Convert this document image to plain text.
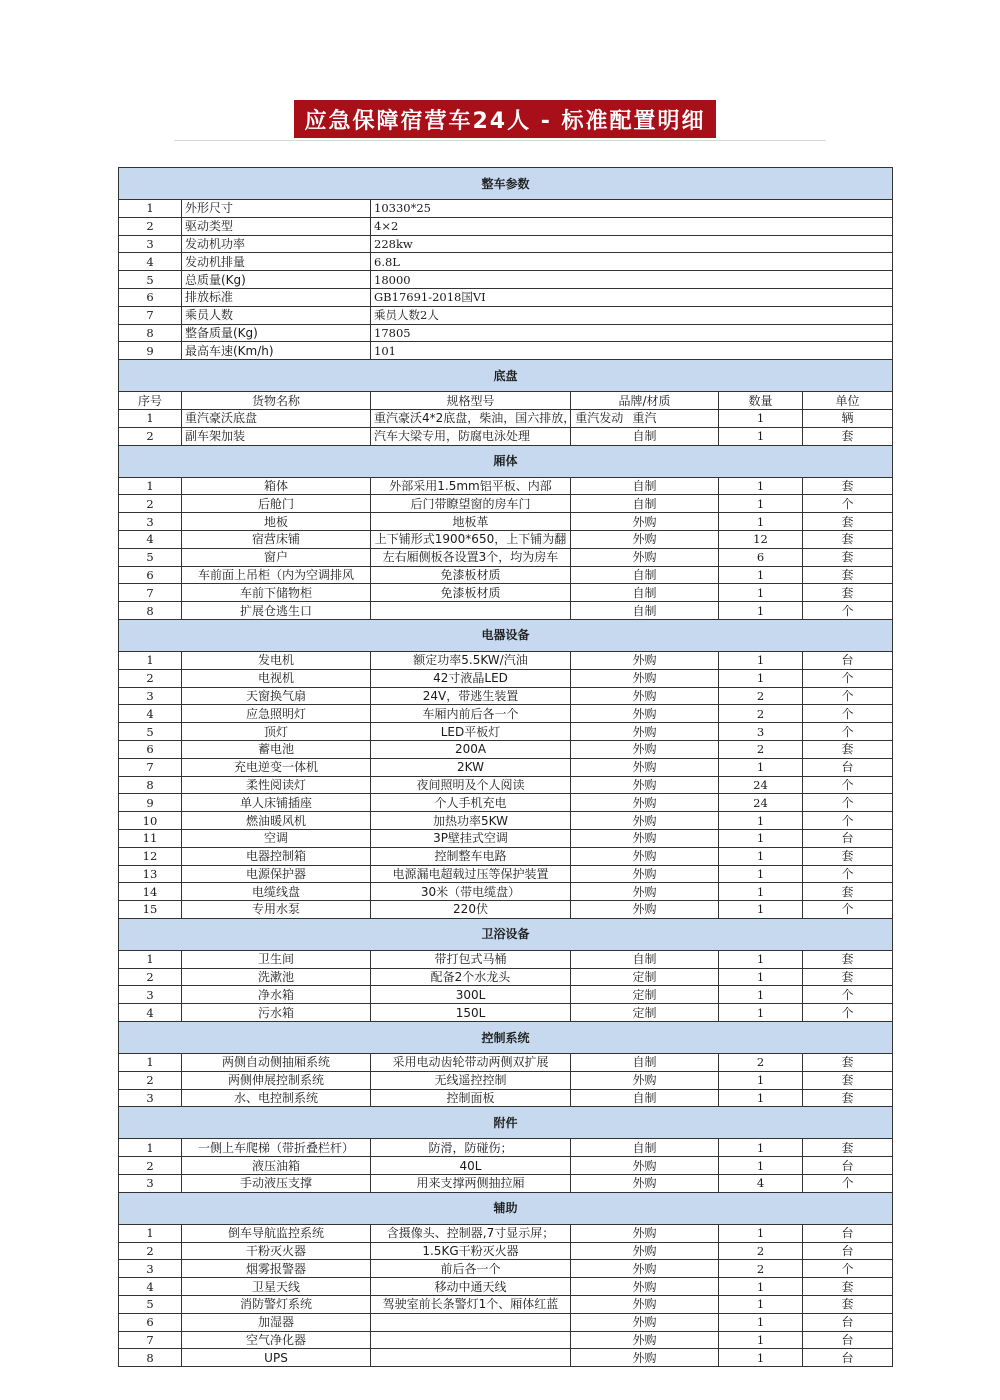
应急保障宿营车24人 - 标准配置明细
整车参数					
1	外形尺寸	10330*25			
2	驱动类型	4×2			
3	发动机功率	228kw			
4	发动机排量	6.8L			
5	总质量(Kg)	18000			
6	排放标准	GB17691-2018国VI			
7	乘员人数	乘员人数2人			
8	整备质量(Kg)	17805			
9	最高车速(Km/h)	101			
底盘					
序号	货物名称	规格型号	品牌/材质	数量	单位
1	重汽豪沃底盘	重汽豪沃4*2底盘，柴油，国六排放，重汽发动	重汽	1	辆
2	副车架加装	汽车大梁专用，防腐电泳处理	自制	1	套
厢体					
1	箱体	外部采用1.5mm铝平板、内部	自制	1	套
2	后舱门	后门带瞭望窗的房车门	自制	1	个
3	地板	地板革	外购	1	套
4	宿营床铺	上下铺形式1900*650，上下铺为翻	外购	12	套
5	窗户	左右厢侧板各设置3个，均为房车	外购	6	套
6	车前面上吊柜（内为空调排风	免漆板材质	自制	1	套
7	车前下储物柜	免漆板材质	自制	1	套
8	扩展仓逃生口		自制	1	个
电器设备					
1	发电机	额定功率5.5KW/汽油	外购	1	台
2	电视机	42寸液晶LED	外购	1	个
3	天窗换气扇	24V，带逃生装置	外购	2	个
4	应急照明灯	车厢内前后各一个	外购	2	个
5	顶灯	LED平板灯	外购	3	个
6	蓄电池	200A	外购	2	套
7	充电逆变一体机	2KW	外购	1	台
8	柔性阅读灯	夜间照明及个人阅读	外购	24	个
9	单人床铺插座	个人手机充电	外购	24	个
10	燃油暖风机	加热功率5KW	外购	1	个
11	空调	3P壁挂式空调	外购	1	台
12	电器控制箱	控制整车电路	外购	1	套
13	电源保护器	电源漏电超载过压等保护装置	外购	1	个
14	电缆线盘	30米（带电缆盘）	外购	1	套
15	专用水泵	220伏	外购	1	个
卫浴设备					
1	卫生间	带打包式马桶	自制	1	套
2	洗漱池	配备2个水龙头	定制	1	套
3	净水箱	300L	定制	1	个
4	污水箱	150L	定制	1	个
控制系统					
1	两侧自动侧抽厢系统	采用电动齿轮带动两侧双扩展	自制	2	套
2	两侧伸展控制系统	无线遥控控制	外购	1	套
3	水、电控制系统	控制面板	自制	1	套
附件					
1	一侧上车爬梯（带折叠栏杆）	防滑，防碰伤；	自制	1	套
2	液压油箱	40L	外购	1	台
3	手动液压支撑	用来支撑两侧抽拉厢	外购	4	个
辅助					
1	倒车导航监控系统	含摄像头、控制器,7寸显示屏；	外购	1	台
2	干粉灭火器	1.5KG干粉灭火器	外购	2	台
3	烟雾报警器	前后各一个	外购	2	个
4	卫星天线	移动中通天线	外购	1	套
5	消防警灯系统	驾驶室前长条警灯1个、厢体红蓝	外购	1	套
6	加湿器		外购	1	台
7	空气净化器		外购	1	台
8	UPS		外购	1	台
